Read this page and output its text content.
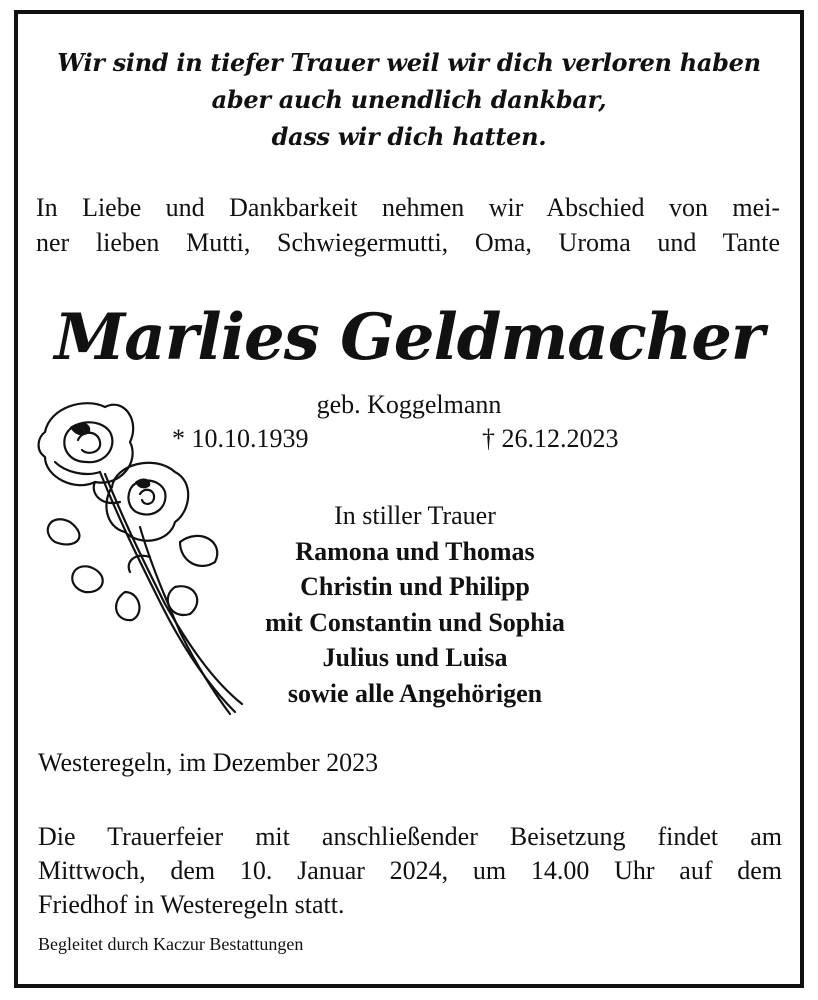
Wir sind in tiefer Trauer weil wir dich verloren haben
aber auch unendlich dankbar,
dass wir dich hatten.
In Liebe und Dankbarkeit nehmen wir Abschied von mei-
ner lieben Mutti, Schwiegermutti, Oma, Uroma und Tante
Marlies Geldmacher
geb. Koggelmann
* 10.10.1939	† 26.12.2023
In stiller Trauer
Ramona und Thomas
Christin und Philipp
mit Constantin und Sophia
Julius und Luisa
sowie alle Angehörigen
Westeregeln, im Dezember 2023
Die Trauerfeier mit anschließender Beisetzung findet am
Mittwoch, dem 10. Januar 2024, um 14.00 Uhr auf dem
Friedhof in Westeregeln statt.
Begleitet durch Kaczur Bestattungen
